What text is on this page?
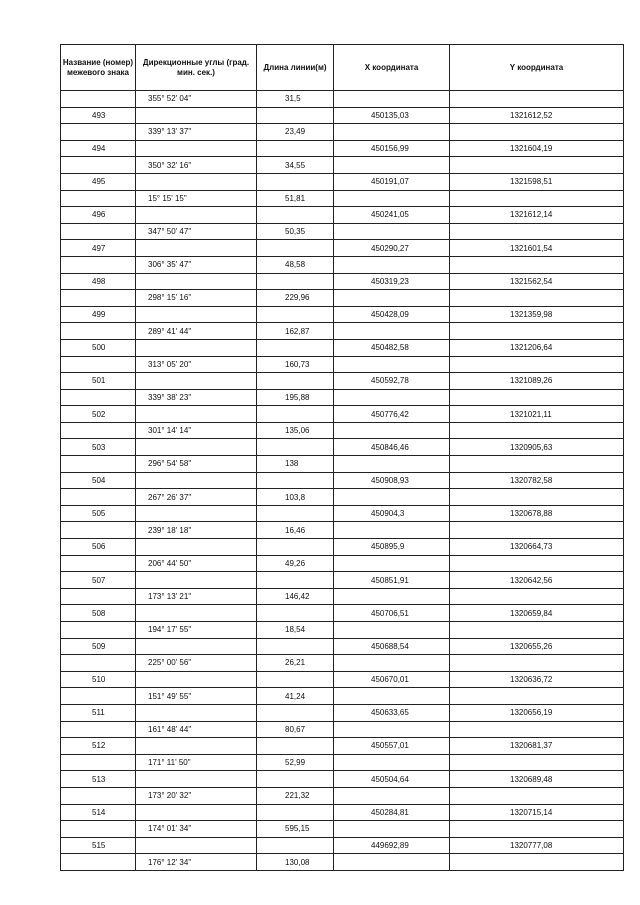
Название (номер) межевого знака	Дирекционные углы (град. мин. сек.)	Длина линии(м)	X координата	Y координата
	355° 52' 04"	31,5		
493			450135,03	1321612,52
	339° 13' 37"	23,49		
494			450156,99	1321604,19
	350° 32' 16"	34,55		
495			450191,07	1321598,51
	15° 15' 15"	51,81		
496			450241,05	1321612,14
	347° 50' 47"	50,35		
497			450290,27	1321601,54
	306° 35' 47"	48,58		
498			450319,23	1321562,54
	298° 15' 16"	229,96		
499			450428,09	1321359,98
	289° 41' 44"	162,87		
500			450482,58	1321206,64
	313° 05' 20"	160,73		
501			450592,78	1321089,26
	339° 38' 23"	195,88		
502			450776,42	1321021,11
	301° 14' 14"	135,06		
503			450846,46	1320905,63
	296° 54' 58"	138		
504			450908,93	1320782,58
	267° 26' 37"	103,8		
505			450904,3	1320678,88
	239° 18' 18"	16,46		
506			450895,9	1320664,73
	206° 44' 50"	49,26		
507			450851,91	1320642,56
	173° 13' 21"	146,42		
508			450706,51	1320659,84
	194° 17' 55"	18,54		
509			450688,54	1320655,26
	225° 00' 56"	26,21		
510			450670,01	1320636,72
	151° 49' 55"	41,24		
511			450633,65	1320656,19
	161° 48' 44"	80,67		
512			450557,01	1320681,37
	171° 11' 50"	52,99		
513			450504,64	1320689,48
	173° 20' 32"	221,32		
514			450284,81	1320715,14
	174° 01' 34"	595,15		
515			449692,89	1320777,08
	176° 12' 34"	130,08		
